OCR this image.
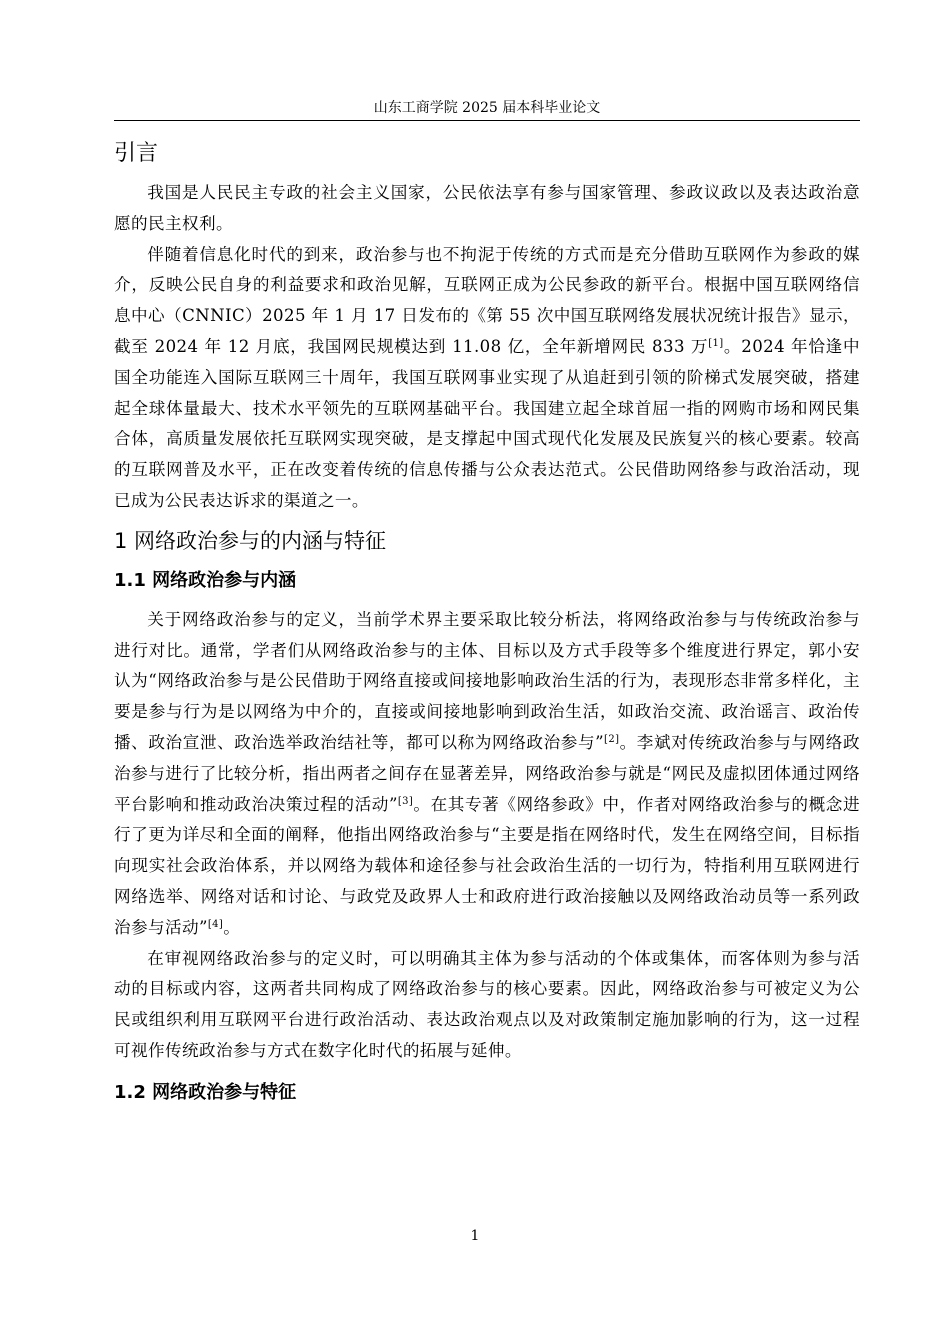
山东工商学院 2025 届本科毕业论文
引言

我国是人民民主专政的社会主义国家，公民依法享有参与国家管理、参政议政以及表达政治意愿的民主权利。

伴随着信息化时代的到来，政治参与也不拘泥于传统的方式而是充分借助互联网作为参政的媒介，反映公民自身的利益要求和政治见解，互联网正成为公民参政的新平台。根据中国互联网络信息中心（CNNIC）2025 年 1 月 17 日发布的《第 55 次中国互联网络发展状况统计报告》显示，截至 2024 年 12 月底，我国网民规模达到 11.08 亿，全年新增网民 833 万[1]。2024 年恰逢中国全功能连入国际互联网三十周年，我国互联网事业实现了从追赶到引领的阶梯式发展突破，搭建起全球体量最大、技术水平领先的互联网基础平台。我国建立起全球首屈一指的网购市场和网民集合体，高质量发展依托互联网实现突破，是支撑起中国式现代化发展及民族复兴的核心要素。较高的互联网普及水平，正在改变着传统的信息传播与公众表达范式。公民借助网络参与政治活动，现已成为公民表达诉求的渠道之一。

1 网络政治参与的内涵与特征
1.1 网络政治参与内涵

关于网络政治参与的定义，当前学术界主要采取比较分析法，将网络政治参与与传统政治参与进行对比。通常，学者们从网络政治参与的主体、目标以及方式手段等多个维度进行界定，郭小安认为“网络政治参与是公民借助于网络直接或间接地影响政治生活的行为，表现形态非常多样化，主要是参与行为是以网络为中介的，直接或间接地影响到政治生活，如政治交流、政治谣言、政治传播、政治宣泄、政治选举政治结社等，都可以称为网络政治参与”[2]。李斌对传统政治参与与网络政治参与进行了比较分析，指出两者之间存在显著差异，网络政治参与就是“网民及虚拟团体通过网络平台影响和推动政治决策过程的活动”[3]。在其专著《网络参政》中，作者对网络政治参与的概念进行了更为详尽和全面的阐释，他指出网络政治参与“主要是指在网络时代，发生在网络空间，目标指向现实社会政治体系，并以网络为载体和途径参与社会政治生活的一切行为，特指利用互联网进行网络选举、网络对话和讨论、与政党及政界人士和政府进行政治接触以及网络政治动员等一系列政治参与活动”[4]。

在审视网络政治参与的定义时，可以明确其主体为参与活动的个体或集体，而客体则为参与活动的目标或内容，这两者共同构成了网络政治参与的核心要素。因此，网络政治参与可被定义为公民或组织利用互联网平台进行政治活动、表达政治观点以及对政策制定施加影响的行为，这一过程可视作传统政治参与方式在数字化时代的拓展与延伸。

1.2 网络政治参与特征
1
